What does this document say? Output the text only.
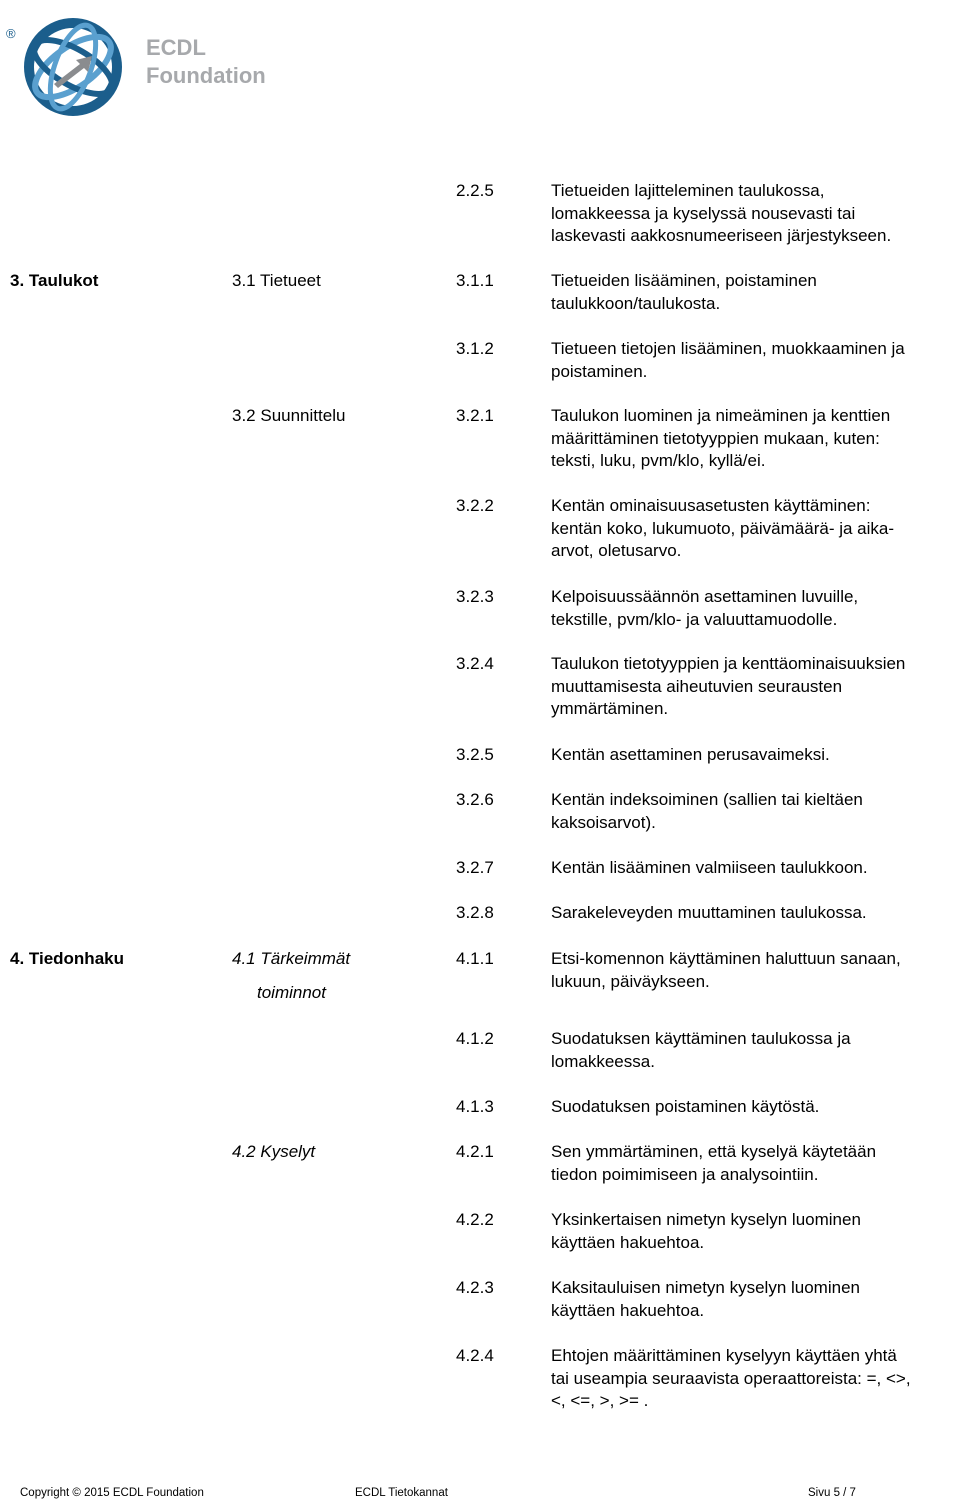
®
ECDL
Foundation
2.2.5	Tietueiden lajitteleminen taulukossa,
lomakkeessa ja kyselyssä nousevasti tai
laskevasti aakkosnumeeriseen järjestykseen.
3. Taulukot	3.1 Tietueet	3.1.1	Tietueiden lisääminen, poistaminen
taulukkoon/taulukosta.
3.1.2	Tietueen tietojen lisääminen, muokkaaminen ja
poistaminen.
3.2 Suunnittelu	3.2.1	Taulukon luominen ja nimeäminen ja kenttien
määrittäminen tietotyyppien mukaan, kuten:
teksti, luku, pvm/klo, kyllä/ei.
3.2.2	Kentän ominaisuusasetusten käyttäminen:
kentän koko, lukumuoto, päivämäärä- ja aika-
arvot, oletusarvo.
3.2.3	Kelpoisuussäännön asettaminen luvuille,
tekstille, pvm/klo- ja valuuttamuodolle.
3.2.4	Taulukon tietotyyppien ja kenttäominaisuuksien
muuttamisesta aiheutuvien seurausten
ymmärtäminen.
3.2.5	Kentän asettaminen perusavaimeksi.
3.2.6	Kentän indeksoiminen (sallien tai kieltäen
kaksoisarvot).
3.2.7	Kentän lisääminen valmiiseen taulukkoon.
3.2.8	Sarakeleveyden muuttaminen taulukossa.
4. Tiedonhaku	4.1 Tärkeimmät
toiminnot
4.1.1	Etsi-komennon käyttäminen haluttuun sanaan,
lukuun, päiväykseen.
4.1.2	Suodatuksen käyttäminen taulukossa ja
lomakkeessa.
4.1.3	Suodatuksen poistaminen käytöstä.
4.2 Kyselyt	4.2.1	Sen ymmärtäminen, että kyselyä käytetään
tiedon poimimiseen ja analysointiin.
4.2.2	Yksinkertaisen nimetyn kyselyn luominen
käyttäen hakuehtoa.
4.2.3	Kaksitauluisen nimetyn kyselyn luominen
käyttäen hakuehtoa.
4.2.4	Ehtojen määrittäminen kyselyyn käyttäen yhtä
tai useampia seuraavista operaattoreista: =, <>,
<, <=, >, >= .
Copyright © 2015 ECDL Foundation	ECDL Tietokannat	Sivu 5 / 7
